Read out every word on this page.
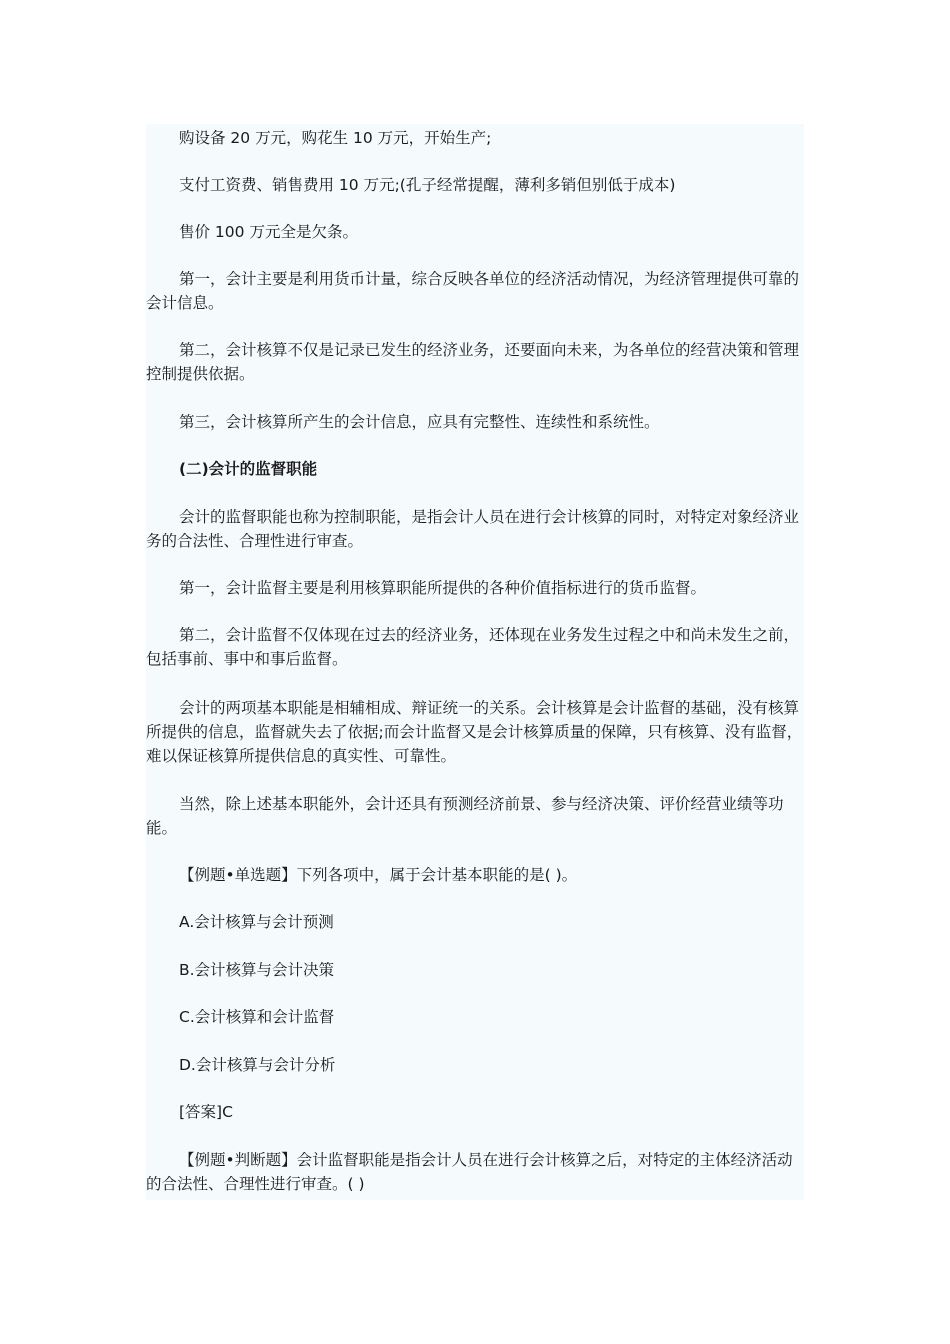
购设备 20 万元，购花生 10 万元，开始生产;

支付工资费、销售费用 10 万元;(孔子经常提醒，薄利多销但别低于成本)

售价 100 万元全是欠条。

第一，会计主要是利用货币计量，综合反映各单位的经济活动情况，为经济管理提供可靠的会计信息。

第二，会计核算不仅是记录已发生的经济业务，还要面向未来，为各单位的经营决策和管理控制提供依据。

第三，会计核算所产生的会计信息，应具有完整性、连续性和系统性。

(二)会计的监督职能

会计的监督职能也称为控制职能，是指会计人员在进行会计核算的同时，对特定对象经济业务的合法性、合理性进行审查。

第一，会计监督主要是利用核算职能所提供的各种价值指标进行的货币监督。

第二，会计监督不仅体现在过去的经济业务，还体现在业务发生过程之中和尚未发生之前，包括事前、事中和事后监督。

会计的两项基本职能是相辅相成、辩证统一的关系。会计核算是会计监督的基础，没有核算所提供的信息，监督就失去了依据;而会计监督又是会计核算质量的保障，只有核算、没有监督，难以保证核算所提供信息的真实性、可靠性。

当然，除上述基本职能外，会计还具有预测经济前景、参与经济决策、评价经营业绩等功能。

【例题•单选题】下列各项中，属于会计基本职能的是( )。

A.会计核算与会计预测

B.会计核算与会计决策

C.会计核算和会计监督

D.会计核算与会计分析

[答案]C

【例题•判断题】会计监督职能是指会计人员在进行会计核算之后，对特定的主体经济活动的合法性、合理性进行审查。( )
